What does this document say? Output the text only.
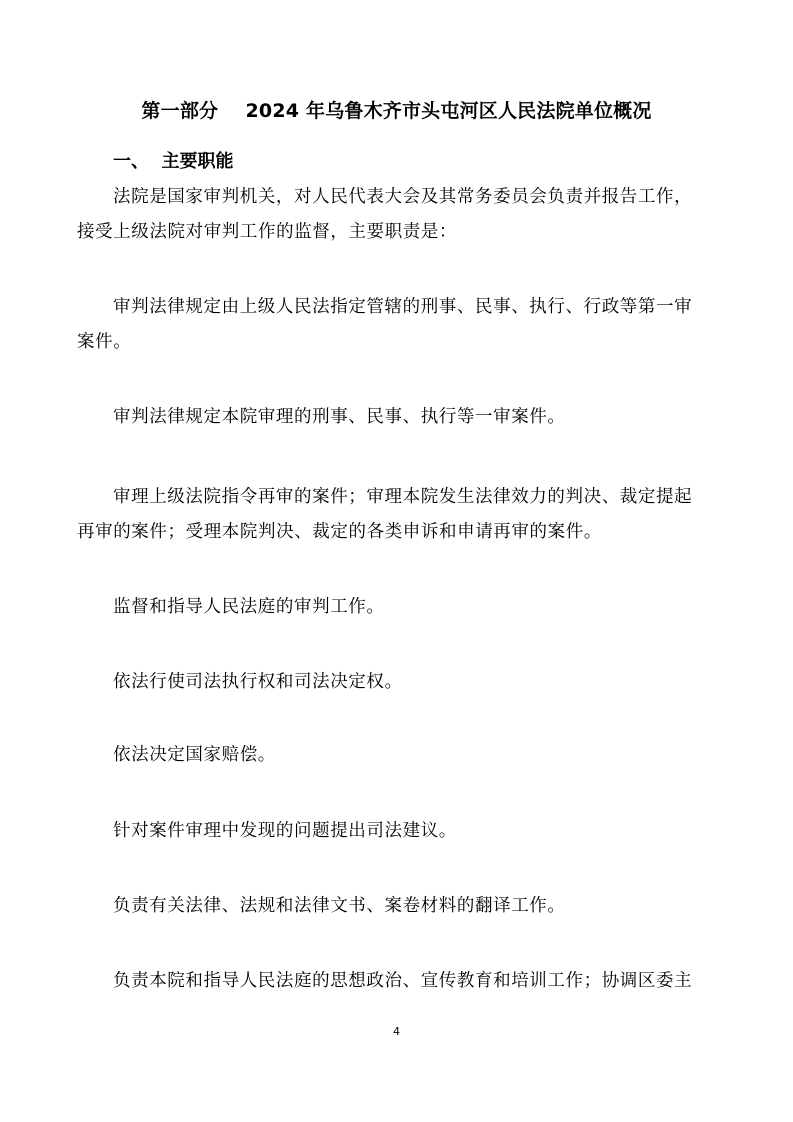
第一部分    2024 年乌鲁木齐市头屯河区人民法院单位概况
一、  主要职能
法院是国家审判机关，对人民代表大会及其常务委员会负责并报告工作，
接受上级法院对审判工作的监督，主要职责是：
审判法律规定由上级人民法指定管辖的刑事、民事、执行、行政等第一审
案件。
审判法律规定本院审理的刑事、民事、执行等一审案件。
审理上级法院指令再审的案件；审理本院发生法律效力的判决、裁定提起
再审的案件；受理本院判决、裁定的各类申诉和申请再审的案件。
监督和指导人民法庭的审判工作。
依法行使司法执行权和司法决定权。
依法决定国家赔偿。
针对案件审理中发现的问题提出司法建议。
负责有关法律、法规和法律文书、案卷材料的翻译工作。
负责本院和指导人民法庭的思想政治、宣传教育和培训工作；协调区委主
4
